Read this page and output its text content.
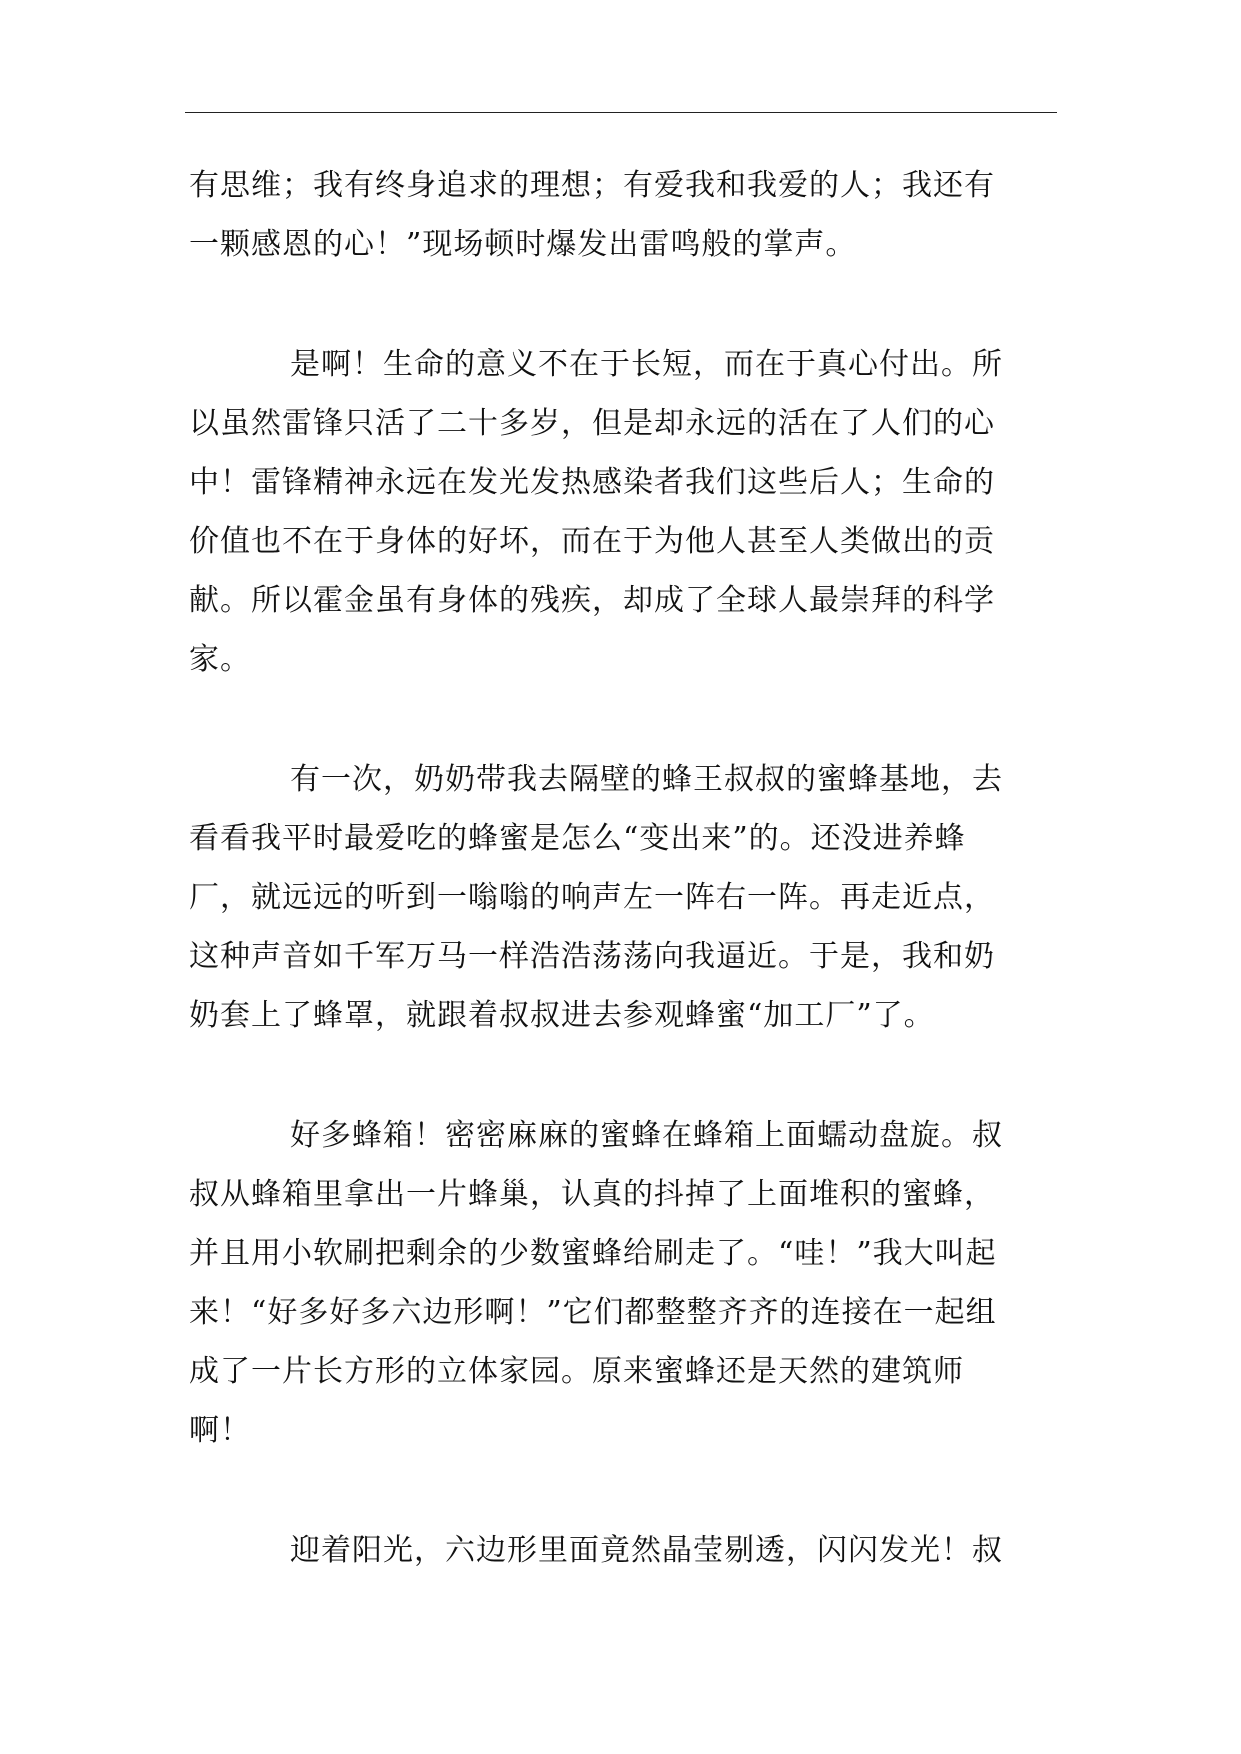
有思维；我有终身追求的理想；有爱我和我爱的人；我还有
一颗感恩的心！”现场顿时爆发出雷鸣般的掌声。
是啊！生命的意义不在于长短，而在于真心付出。所
以虽然雷锋只活了二十多岁，但是却永远的活在了人们的心
中！雷锋精神永远在发光发热感染者我们这些后人；生命的
价值也不在于身体的好坏，而在于为他人甚至人类做出的贡
献。所以霍金虽有身体的残疾，却成了全球人最崇拜的科学
家。
有一次，奶奶带我去隔壁的蜂王叔叔的蜜蜂基地，去
看看我平时最爱吃的蜂蜜是怎么“变出来”的。还没进养蜂
厂，就远远的听到一嗡嗡的响声左一阵右一阵。再走近点，
这种声音如千军万马一样浩浩荡荡向我逼近。于是，我和奶
奶套上了蜂罩，就跟着叔叔进去参观蜂蜜“加工厂”了。
好多蜂箱！密密麻麻的蜜蜂在蜂箱上面蠕动盘旋。叔
叔从蜂箱里拿出一片蜂巢，认真的抖掉了上面堆积的蜜蜂，
并且用小软刷把剩余的少数蜜蜂给刷走了。“哇！”我大叫起
来！“好多好多六边形啊！”它们都整整齐齐的连接在一起组
成了一片长方形的立体家园。原来蜜蜂还是天然的建筑师
啊！
迎着阳光，六边形里面竟然晶莹剔透，闪闪发光！叔
